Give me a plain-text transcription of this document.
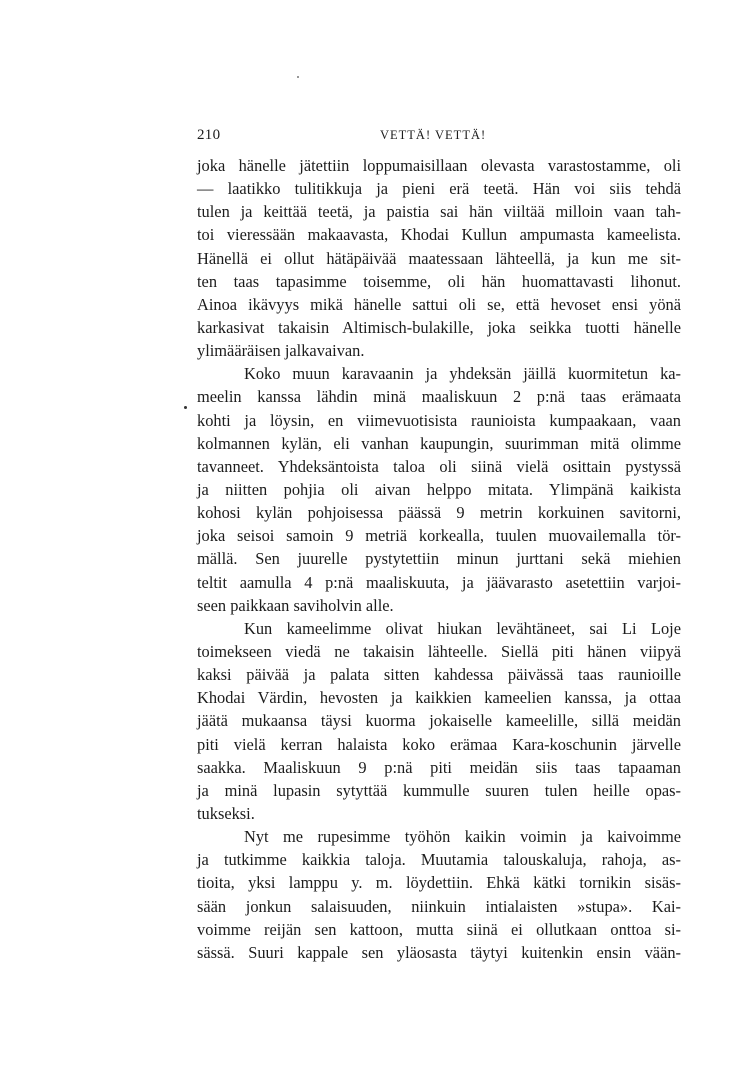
210	VETTÄ! VETTÄ!
joka hänelle jätettiin loppumaisillaan olevasta varastostamme, oli
— laatikko tulitikkuja ja pieni erä teetä. Hän voi siis tehdä
tulen ja keittää teetä, ja paistia sai hän viiltää milloin vaan tah-
toi vieressään makaavasta, Khodai Kullun ampumasta kameelista.
Hänellä ei ollut hätäpäivää maatessaan lähteellä, ja kun me sit-
ten taas tapasimme toisemme, oli hän huomattavasti lihonut.
Ainoa ikävyys mikä hänelle sattui oli se, että hevoset ensi yönä
karkasivat takaisin Altimisch-bulakille, joka seikka tuotti hänelle
ylimääräisen jalkavaivan.
Koko muun karavaanin ja yhdeksän jäillä kuormitetun ka-
meelin kanssa lähdin minä maaliskuun 2 p:nä taas erämaata
kohti ja löysin, en viimevuotisista raunioista kumpaakaan, vaan
kolmannen kylän, eli vanhan kaupungin, suurimman mitä olimme
tavanneet. Yhdeksäntoista taloa oli siinä vielä osittain pystyssä
ja niitten pohjia oli aivan helppo mitata. Ylimpänä kaikista
kohosi kylän pohjoisessa päässä 9 metrin korkuinen savitorni,
joka seisoi samoin 9 metriä korkealla, tuulen muovailemalla tör-
mällä. Sen juurelle pystytettiin minun jurttani sekä miehien
teltit aamulla 4 p:nä maaliskuuta, ja jäävarasto asetettiin varjoi-
seen paikkaan saviholvin alle.
Kun kameelimme olivat hiukan levähtäneet, sai Li Loje
toimekseen viedä ne takaisin lähteelle. Siellä piti hänen viipyä
kaksi päivää ja palata sitten kahdessa päivässä taas raunioille
Khodai Värdin, hevosten ja kaikkien kameelien kanssa, ja ottaa
jäätä mukaansa täysi kuorma jokaiselle kameelille, sillä meidän
piti vielä kerran halaista koko erämaa Kara-koschunin järvelle
saakka. Maaliskuun 9 p:nä piti meidän siis taas tapaaman
ja minä lupasin sytyttää kummulle suuren tulen heille opas-
tukseksi.
Nyt me rupesimme työhön kaikin voimin ja kaivoimme
ja tutkimme kaikkia taloja. Muutamia talouskaluja, rahoja, as-
tioita, yksi lamppu y. m. löydettiin. Ehkä kätki tornikin sisäs-
sään jonkun salaisuuden, niinkuin intialaisten »stupa». Kai-
voimme reijän sen kattoon, mutta siinä ei ollutkaan onttoa si-
sässä. Suuri kappale sen yläosasta täytyi kuitenkin ensin vään-
